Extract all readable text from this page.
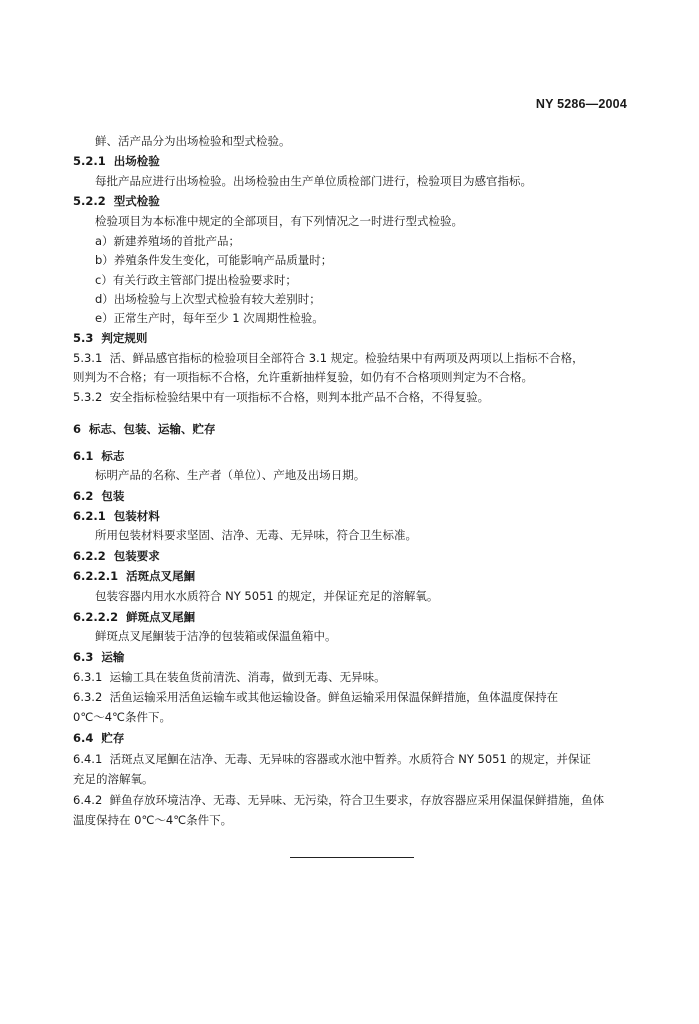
NY 5286—2004
鲜、活产品分为出场检验和型式检验。
5.2.1 出场检验
每批产品应进行出场检验。出场检验由生产单位质检部门进行，检验项目为感官指标。
5.2.2 型式检验
检验项目为本标准中规定的全部项目，有下列情况之一时进行型式检验。
a）新建养殖场的首批产品；
b）养殖条件发生变化，可能影响产品质量时；
c）有关行政主管部门提出检验要求时；
d）出场检验与上次型式检验有较大差别时；
e）正常生产时，每年至少 1 次周期性检验。
5.3 判定规则
5.3.1 活、鲜品感官指标的检验项目全部符合 3.1 规定。检验结果中有两项及两项以上指标不合格，
则判为不合格；有一项指标不合格，允许重新抽样复验，如仍有不合格项则判定为不合格。
5.3.2 安全指标检验结果中有一项指标不合格，则判本批产品不合格，不得复验。
6 标志、包装、运输、贮存
6.1 标志
标明产品的名称、生产者（单位）、产地及出场日期。
6.2 包装
6.2.1 包装材料
所用包装材料要求坚固、洁净、无毒、无异味，符合卫生标准。
6.2.2 包装要求
6.2.2.1 活斑点叉尾鮰
包装容器内用水水质符合 NY 5051 的规定，并保证充足的溶解氧。
6.2.2.2 鲜斑点叉尾鮰
鲜斑点叉尾鮰装于洁净的包装箱或保温鱼箱中。
6.3 运输
6.3.1 运输工具在装鱼货前清洗、消毒，做到无毒、无异味。
6.3.2 活鱼运输采用活鱼运输车或其他运输设备。鲜鱼运输采用保温保鲜措施，鱼体温度保持在
0℃～4℃条件下。
6.4 贮存
6.4.1 活斑点叉尾鮰在洁净、无毒、无异味的容器或水池中暂养。水质符合 NY 5051 的规定，并保证
充足的溶解氧。
6.4.2 鲜鱼存放环境洁净、无毒、无异味、无污染，符合卫生要求，存放容器应采用保温保鲜措施，鱼体
温度保持在 0℃～4℃条件下。
